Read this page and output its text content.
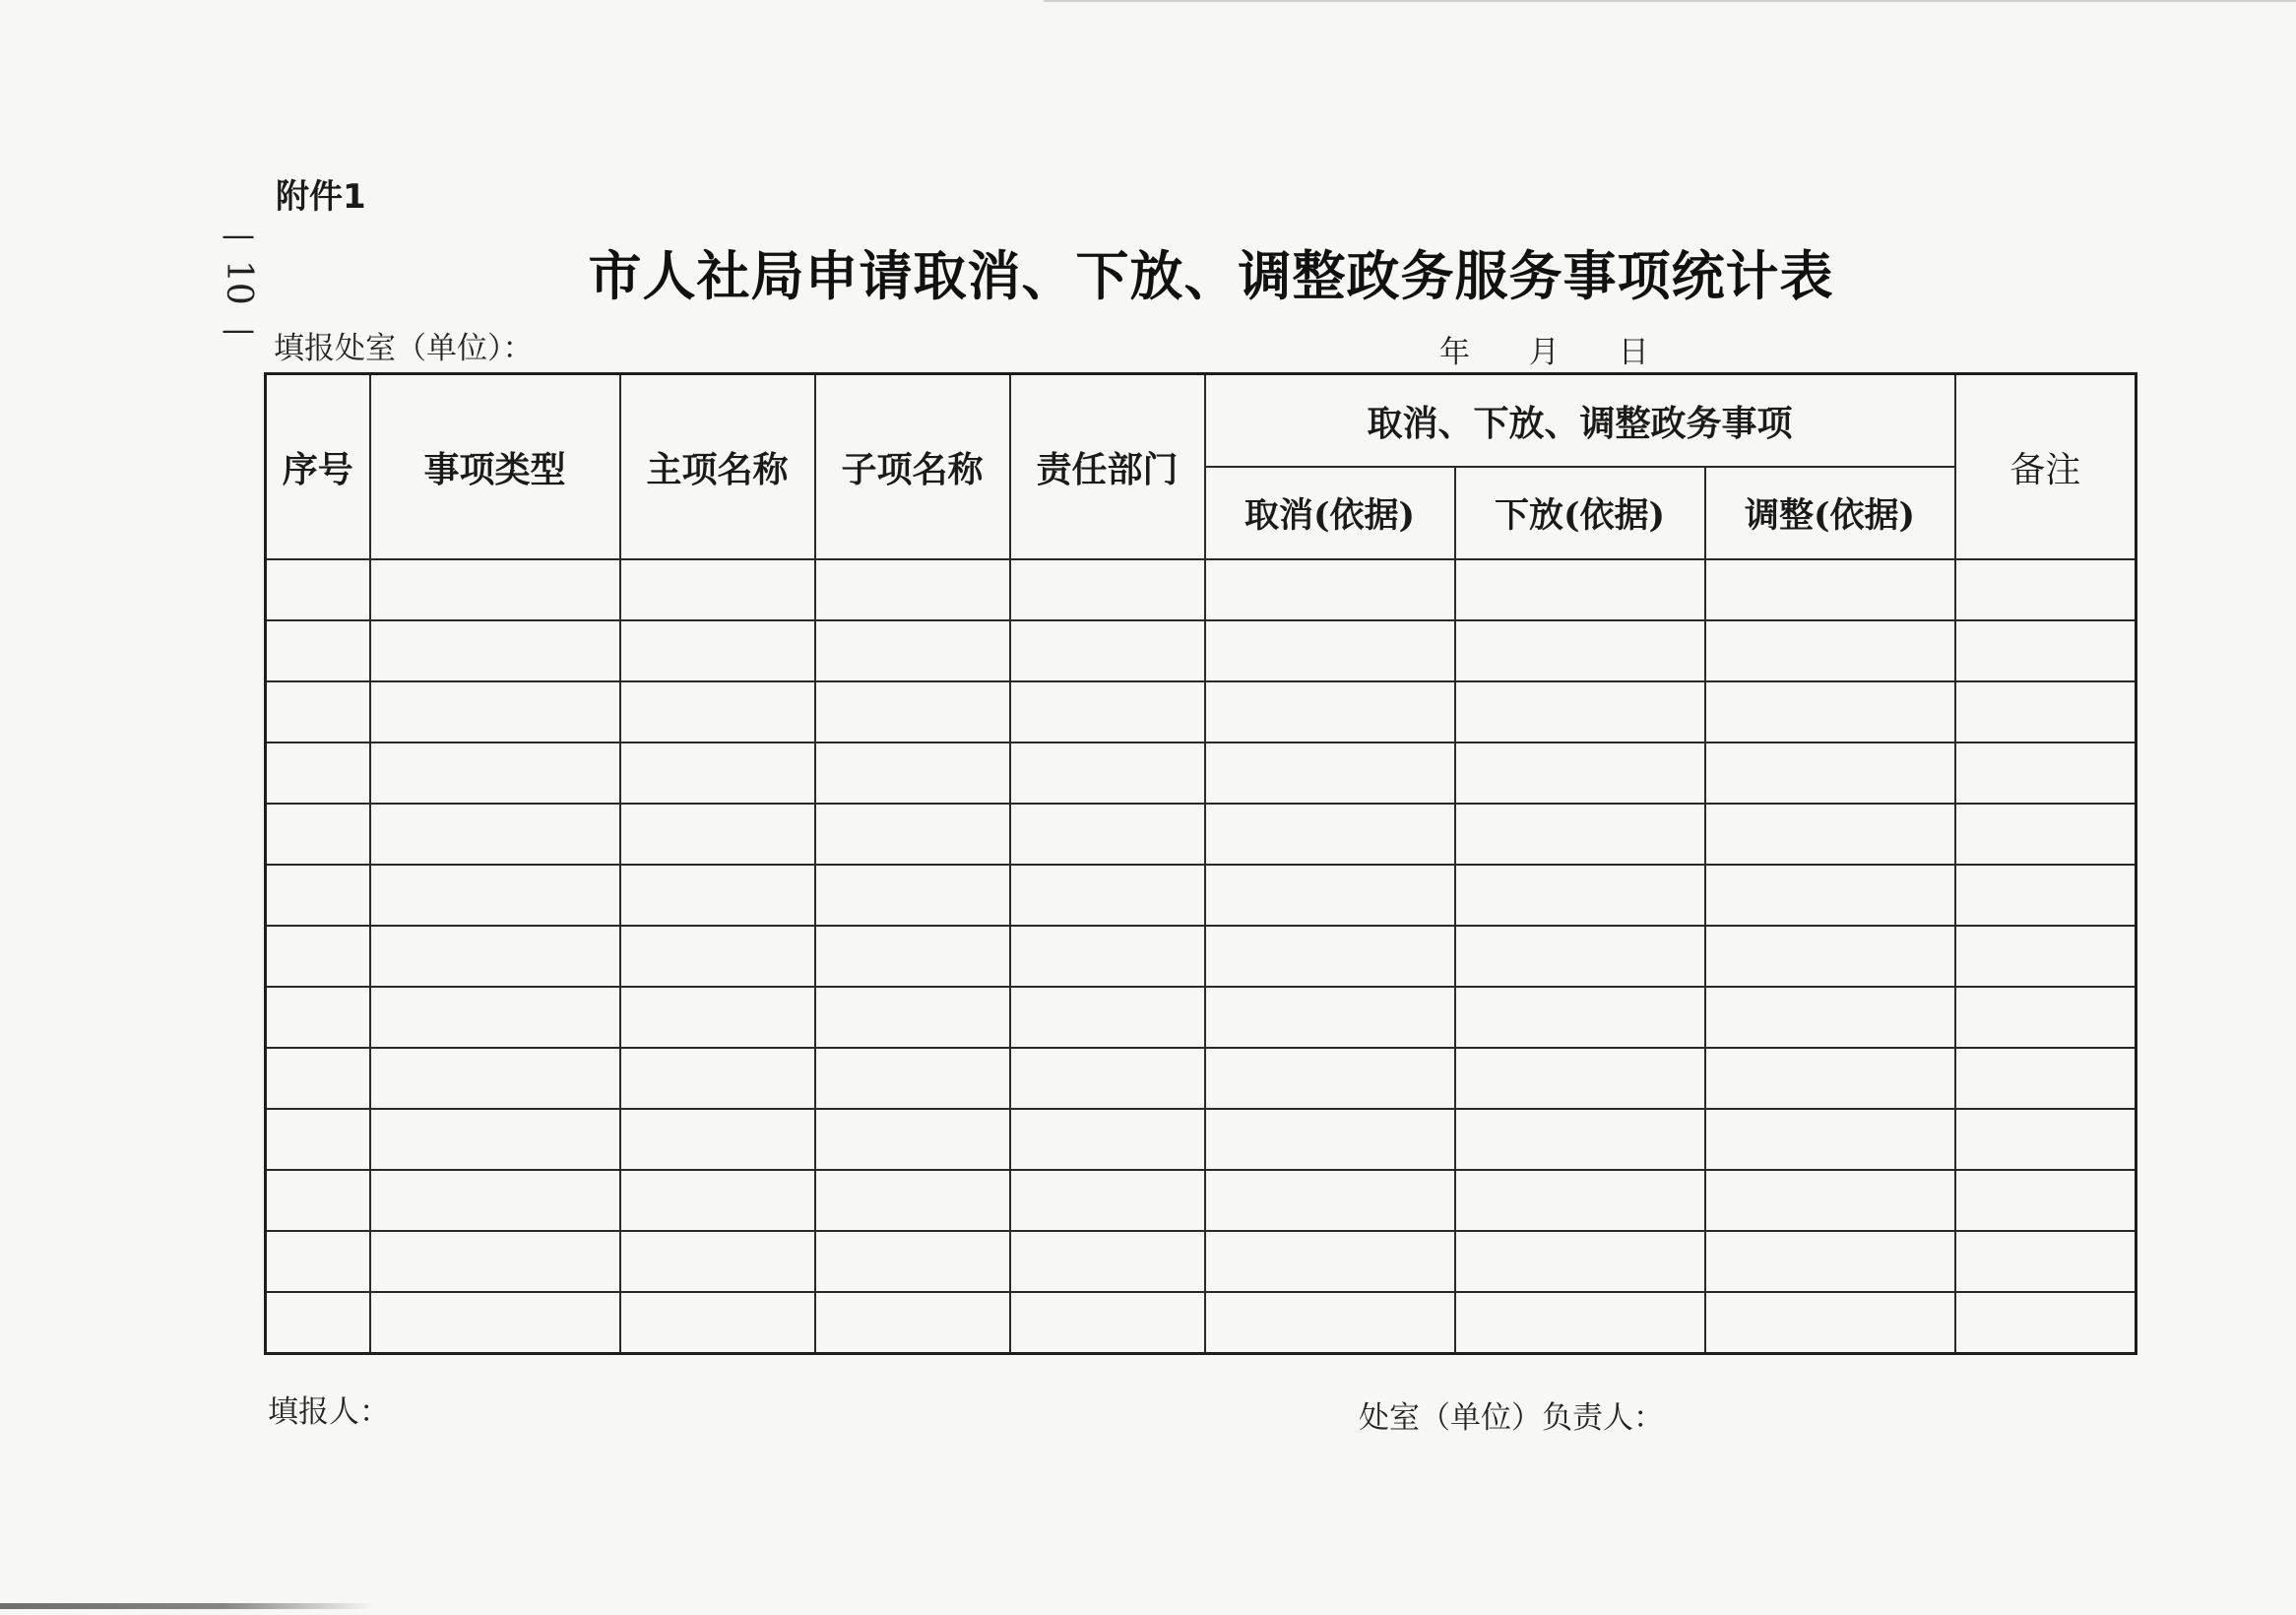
—
10
—
附件1
市人社局申请取消、下放、调整政务服务事项统计表
填报处室（单位）：	年 月 日
序号	事项类型	主项名称	子项名称	责任部门	取消、下放、调整政务事项			备注
					取消(依据)	下放(依据)	调整(依据)	

填报人：	处室（单位）负责人：
